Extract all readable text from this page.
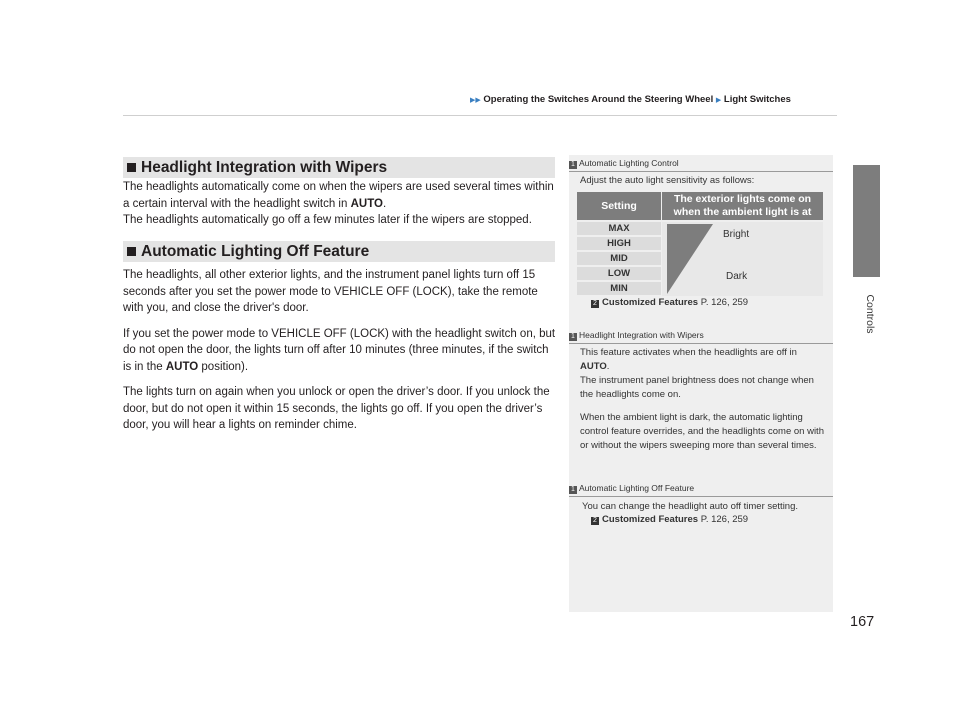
▶▶ Operating the Switches Around the Steering Wheel ▶ Light Switches
Controls
Headlight Integration with Wipers

The headlights automatically come on when the wipers are used several times within

a certain interval with the headlight switch in AUTO.

The headlights automatically go off a few minutes later if the wipers are stopped.

Automatic Lighting Off Feature

The headlights, all other exterior lights, and the instrument panel lights turn off 15 seconds after you set the power mode to VEHICLE OFF (LOCK), take the remote with you, and close the driver's door.

If you set the power mode to VEHICLE OFF (LOCK) with the headlight switch on, but do not open the door, the lights turn off after 10 minutes (three minutes, if the switch is in the AUTO position).

The lights turn on again when you unlock or open the driver’s door. If you unlock the door, but do not open it within 15 seconds, the lights go off. If you open the driver’s door, you will hear a lights on reminder chime.

1 Automatic Lighting Control
Adjust the auto light sensitivity as follows:
Setting
The exterior lights come on
when the ambient light is at
MAX
HIGH
MID
LOW
MIN
Bright
Dark
2 Customized Features P. 126, 259
1 Headlight Integration with Wipers

This feature activates when the headlights are off in
AUTO.

The instrument panel brightness does not change when the headlights come on.

When the ambient light is dark, the automatic lighting control feature overrides, and the headlights come on with or without the wipers sweeping more than several times.

1 Automatic Lighting Off Feature
You can change the headlight auto off timer setting.
2 Customized Features P. 126, 259
167
